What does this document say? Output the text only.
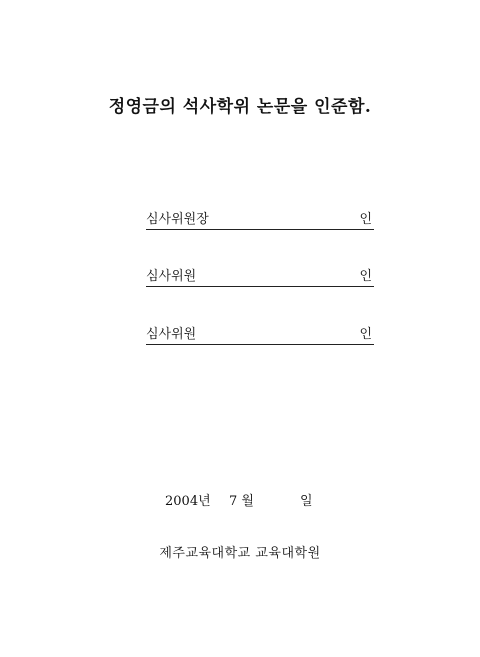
정영금의 석사학위 논문을 인준함.
심사위원장	인
심사위원	인
심사위원	인
2004년 7 월	일
제주교육대학교 교육대학원
